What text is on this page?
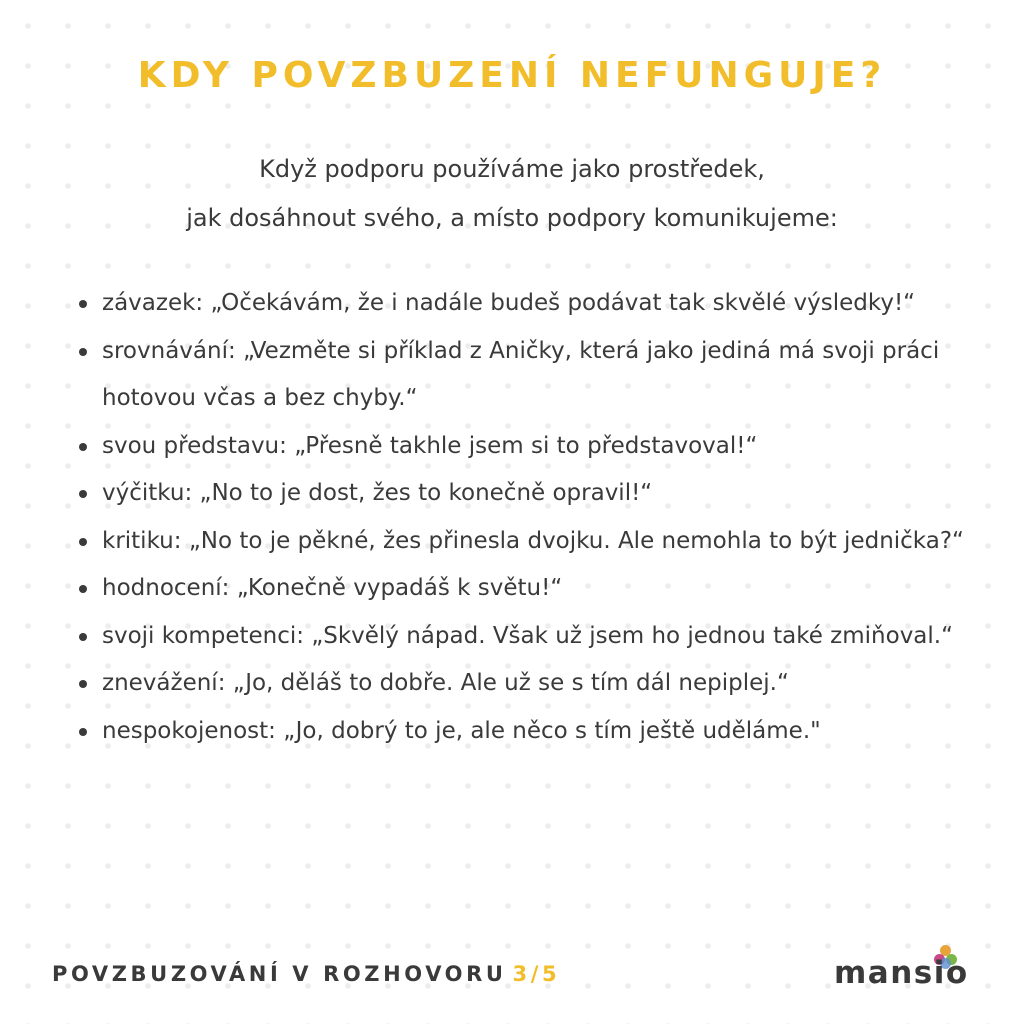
KDY POVZBUZENÍ NEFUNGUJE?

Když podporu používáme jako prostředek,
jak dosáhnout svého, a místo podpory komunikujeme:

závazek: „Očekávám, že i nadále budeš podávat tak skvělé výsledky!“
srovnávání: „Vezměte si příklad z Aničky, která jako jediná má svoji práci hotovou včas a bez chyby.“
svou představu: „Přesně takhle jsem si to představoval!“
výčitku: „No to je dost, žes to konečně opravil!“
kritiku: „No to je pěkné, žes přinesla dvojku. Ale nemohla to být jednička?“
hodnocení: „Konečně vypadáš k světu!“
svoji kompetenci: „Skvělý nápad. Však už jsem ho jednou také zmiňoval.“
znevážení: „Jo, děláš to dobře. Ale už se s tím dál nepiplej.“
nespokojenost: „Jo, dobrý to je, ale něco s tím ještě uděláme."
POVZBUZOVÁNÍ V ROZHOVORU 3/5	mansio
